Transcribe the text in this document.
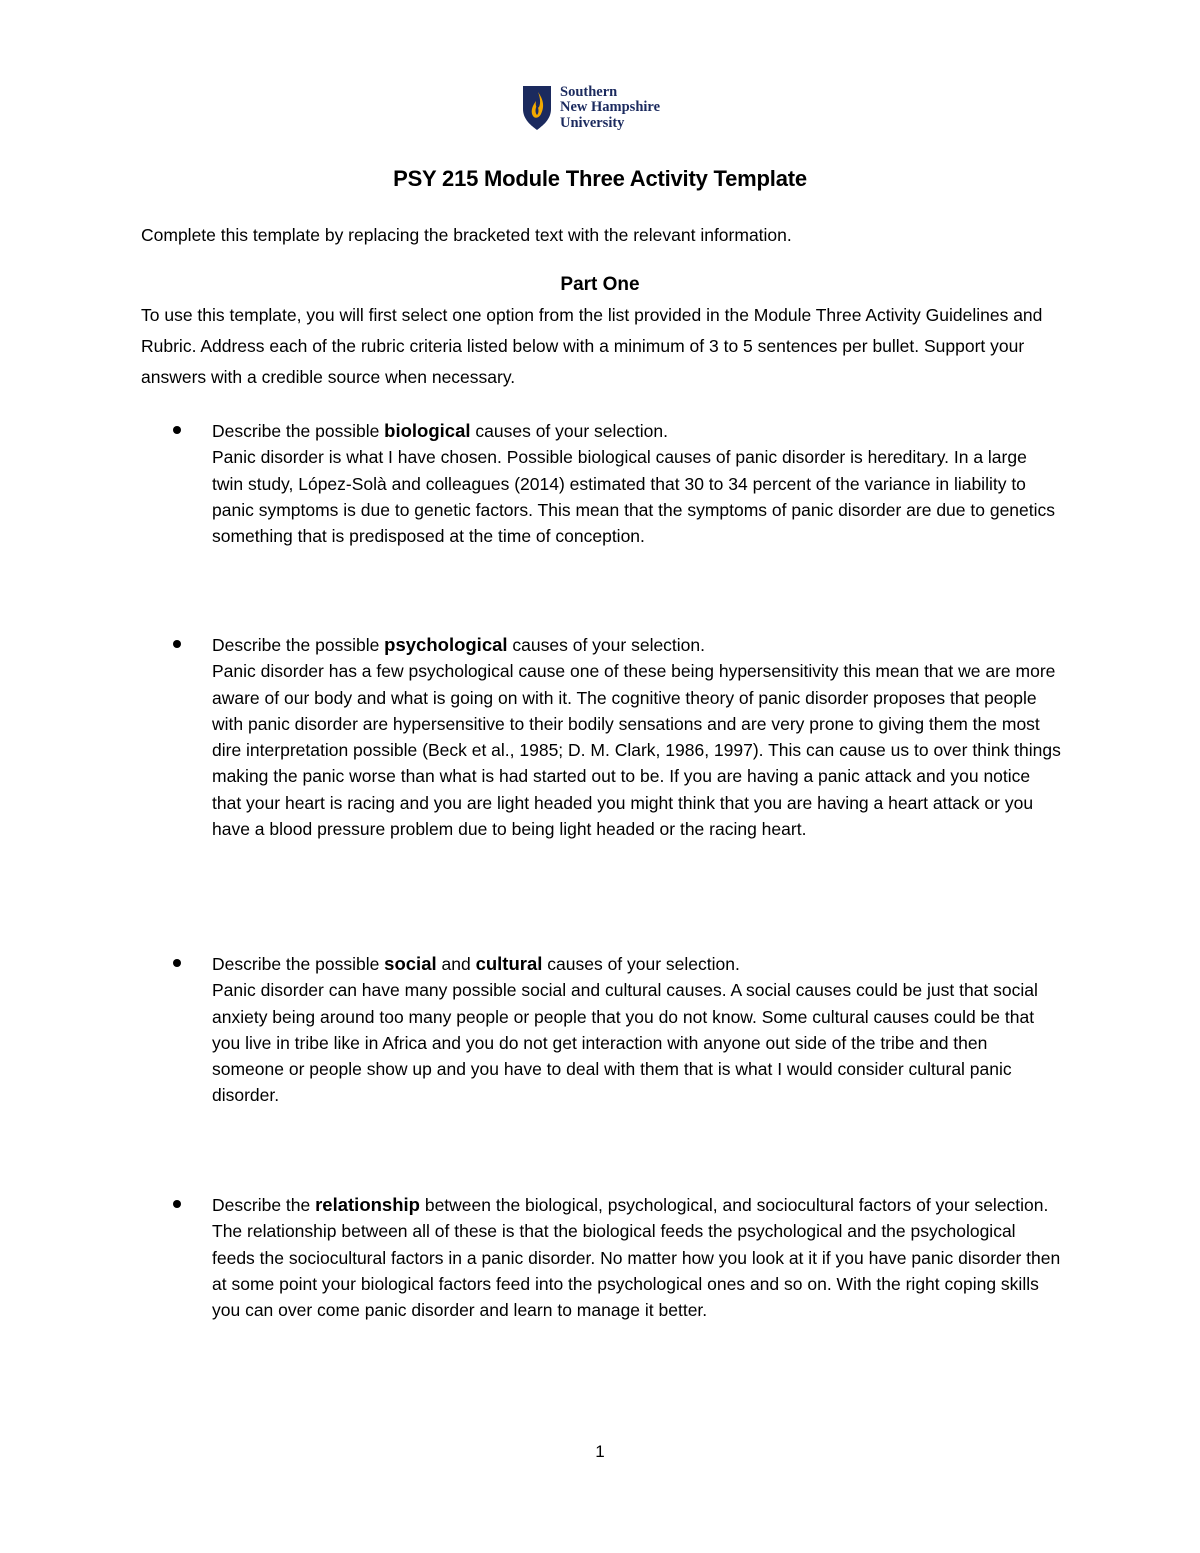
Southern
New Hampshire
University
PSY 215 Module Three Activity Template
Complete this template by replacing the bracketed text with the relevant information.
Part One
To use this template, you will first select one option from the list provided in the Module Three Activity Guidelines and Rubric. Address each of the rubric criteria listed below with a minimum of 3 to 5 sentences per bullet. Support your answers with a credible source when necessary.
Describe the possible biological causes of your selection.
Panic disorder is what I have chosen. Possible biological causes of panic disorder is hereditary. In a large twin study, López-Solà and colleagues (2014) estimated that 30 to 34 percent of the variance in liability to panic symptoms is due to genetic factors. This mean that the symptoms of panic disorder are due to genetics something that is predisposed at the time of conception.
Describe the possible psychological causes of your selection.
Panic disorder has a few psychological cause one of these being hypersensitivity this mean that we are more aware of our body and what is going on with it. The cognitive theory of panic disorder proposes that people with panic disorder are hypersensitive to their bodily sensations and are very prone to giving them the most dire interpretation possible (Beck et al., 1985; D. M. Clark, 1986, 1997). This can cause us to over think things making the panic worse than what is had started out to be. If you are having a panic attack and you notice that your heart is racing and you are light headed you might think that you are having a heart attack or you have a blood pressure problem due to being light headed or the racing heart.
Describe the possible social and cultural causes of your selection.
Panic disorder can have many possible social and cultural causes. A social causes could be just that social anxiety being around too many people or people that you do not know. Some cultural causes could be that you live in tribe like in Africa and you do not get interaction with anyone out side of the tribe and then someone or people show up and you have to deal with them that is what I would consider cultural panic disorder.
Describe the relationship between the biological, psychological, and sociocultural factors of your selection.
The relationship between all of these is that the biological feeds the psychological and the psychological feeds the sociocultural factors in a panic disorder. No matter how you look at it if you have panic disorder then at some point your biological factors feed into the psychological ones and so on. With the right coping skills you can over come panic disorder and learn to manage it better.
1
